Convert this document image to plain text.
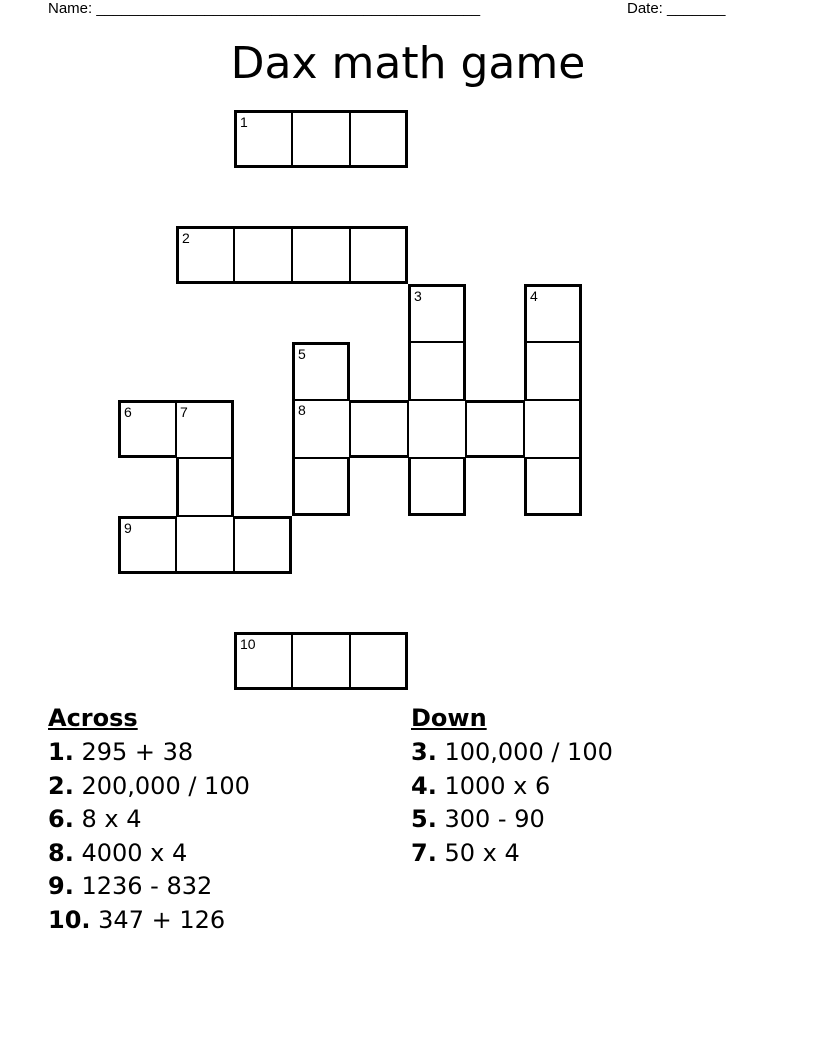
Name: ______________________________________________	Date: _______
Dax math game
1
2
3	4
5
6	7	8
9
10
Across
1. 295 + 38
2. 200,000 / 100
6. 8 x 4
8. 4000 x 4
9. 1236 - 832
10. 347 + 126
Down
3. 100,000 / 100
4. 1000 x 6
5. 300 - 90
7. 50 x 4
